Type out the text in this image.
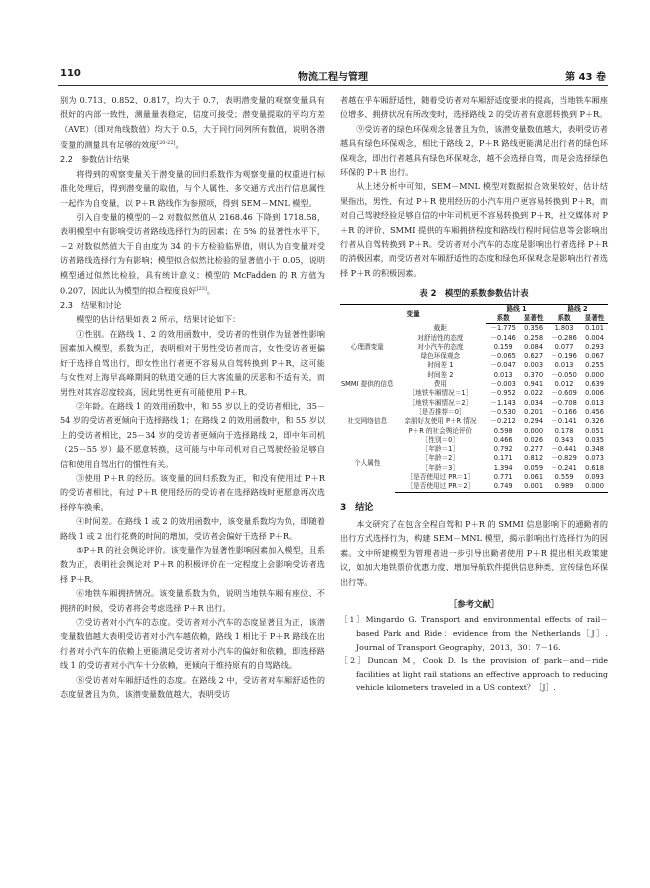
110	物流工程与管理	第 43 卷

别为 0.713、0.852、0.817，均大于 0.7，表明潜变量的观察变量具有很好的内部一致性，测量量表稳定，信度可接受；潜变量提取的平均方差（AVE）（即对角线数值）均大于 0.5，大于同行同列所有数值，说明各潜变量的测量具有足够的效度[20-22]。

2.2　参数估计结果

将得到的观察变量关于潜变量的回归系数作为观察变量的权重进行标准化处理后，得到潜变量的取值，与个人属性、多交通方式出行信息属性一起作为自变量，以 P＋R 路线作为参照项，得到 SEM－MNL 模型。

引入自变量的模型的－2 对数似然值从 2168.46 下降到 1718.58，表明模型中有影响受访者路线选择行为的因素；在 5% 的显著性水平下，－2 对数似然值大于自由度为 34 的卡方检验临界值，则认为自变量对受访者路线选择行为有影响；模型拟合似然比检验的显著值小于 0.05，说明模型通过似然比检验，具有统计意义；模型的 McFadden 的 R 方值为 0.207，因此认为模型的拟合程度良好[23]。

2.3　结果和讨论

模型的估计结果如表 2 所示，结果讨论如下：

①性别。在路线 1、2 的效用函数中，受访者的性别作为显著性影响因素加入模型，系数为正，表明相对于男性受访者而言，女性受访者更偏好于选择自驾出行，即女性出行者更不容易从自驾转换到 P＋R，这可能与女性对上海早高峰期间的轨道交通的巨大客流量的厌恶和不适有关，而男性对其容忍度较高，因此男性更有可能使用 P＋R。

②年龄。在路线 1 的效用函数中，和 55 岁以上的受访者相比，35－54 岁的受访者更倾向于选择路线 1；在路线 2 的效用函数中，和 55 岁以上的受访者相比，25－34 岁的受访者更倾向于选择路线 2，即中年司机（25－55 岁）最不愿意转换，这可能与中年司机对自己驾驶经验足够自信和使用自驾出行的惯性有关。

③使用 P＋R 的经历。该变量的回归系数为正，和没有使用过 P＋R 的受访者相比，有过 P＋R 使用经历的受访者在选择路线时更愿意再次选择停车换乘。

④时间差。在路线 1 或 2 的效用函数中，该变量系数均为负，即随着路线 1 或 2 出行花费的时间的增加，受访者会偏好于选择 P＋R。

⑤P＋R 的社会舆论评价。该变量作为显著性影响因素加入模型，且系数为正，表明社会舆论对 P＋R 的积极评价在一定程度上会影响受访者选择 P＋R。

⑥地铁车厢拥挤情况。该变量系数为负，说明当地铁车厢有座位、不拥挤的时候，受访者将会考虑选择 P＋R 出行。

⑦受访者对小汽车的态度。受访者对小汽车的态度显著且为正，该潜变量数值越大表明受访者对小汽车越依赖，路线 1 相比于 P＋R 路线在出行者对小汽车的依赖上更能满足受访者对小汽车的偏好和依赖，即选择路线 1 的受访者对小汽车十分依赖，更倾向于维持原有的自驾路线。

⑧受访者对车厢舒适性的态度。在路线 2 中，受访者对车厢舒适性的态度显著且为负，该潜变量数值越大，表明受访

者越在乎车厢舒适性，随着受访者对车厢舒适度要求的提高，当地铁车厢座位增多、拥挤状况有所改变时，选择路线 2 的受访者有意愿转换到 P＋R。

⑨受访者的绿色环保观念显著且为负，该潜变量数值越大，表明受访者越具有绿色环保观念，相比于路线 2，P＋R 路线更能满足出行者的绿色环保观念，即出行者越具有绿色环保观念，越不会选择自驾，而是会选择绿色环保的 P＋R 出行。

从上述分析中可知，SEM－MNL 模型对数据拟合效果较好，估计结果指出，男性、有过 P＋R 使用经历的小汽车用户更容易转换到 P＋R，而对自己驾驶经验足够自信的中年司机更不容易转换到 P＋R，社交媒体对 P＋R 的评价、SMMI 提供的车厢拥挤程度和路线行程时间信息等会影响出行者从自驾转换到 P＋R。受访者对小汽车的态度是影响出行者选择 P＋R 的消极因素，而受访者对车厢舒适性的态度和绿色环保观念是影响出行者选择 P＋R 的积极因素。

表 2　模型的系数参数估计表
变量		路线 1		路线 2	
		系数	显著性	系数	显著性
	截距	－1.775	0.356	1.803	0.101
心理潜变量	对舒适性的态度	－0.146	0.258	－0.286	0.004
	对小汽车的态度	0.159	0.084	0.077	0.293
	绿色环保观念	－0.065	0.627	－0.196	0.067
SMMI 提供的信息	时间差 1	－0.047	0.003	0.013	0.255
	时间差 2	0.013	0.370	－0.050	0.000
	费用	－0.003	0.941	0.012	0.639
	［地铁车厢情况＝1］	－0.952	0.022	－0.609	0.006
	［地铁车厢情况＝2］	－1.143	0.034	－0.708	0.013
社交网络信息	［是否推荐＝0］	－0.530	0.201	－0.166	0.456
	亲朋好友使用 P＋R 情况	－0.212	0.294	－0.141	0.326
	P＋R 的社会舆论评价	0.598	0.000	0.178	0.051
个人属性	［性别＝0］	0.466	0.026	0.343	0.035
	［年龄＝1］	0.792	0.277	－0.441	0.348
	［年龄＝2］	0.171	0.812	－0.829	0.073
	［年龄＝3］	1.394	0.059	－0.241	0.618
	［是否使用过 PR＝1］	0.771	0.061	0.559	0.093
	［是否使用过 PR＝2］	0.749	0.001	0.989	0.000
3　结论

本文研究了在包含全程自驾和 P＋R 的 SMMI 信息影响下的通勤者的出行方式选择行为，构建 SEM－MNL 模型，揭示影响出行选择行为的因素。文中所建模型为管理者进一步引导出勤者使用 P＋R 提出相关政策建议，如加大地铁票价优惠力度、增加导航软件提供信息种类、宣传绿色环保出行等。

［参考文献］

［1］Mingardo G. Transport and environmental effects of rail－based Park and Ride：evidence from the Netherlands［J］. Journal of Transport Geography，2013，30：7－16.

［2］Duncan M，Cook D. Is the provision of park－and－ride facilities at light rail stations an effective approach to reducing vehicle kilometers traveled in a US context？［J］.
